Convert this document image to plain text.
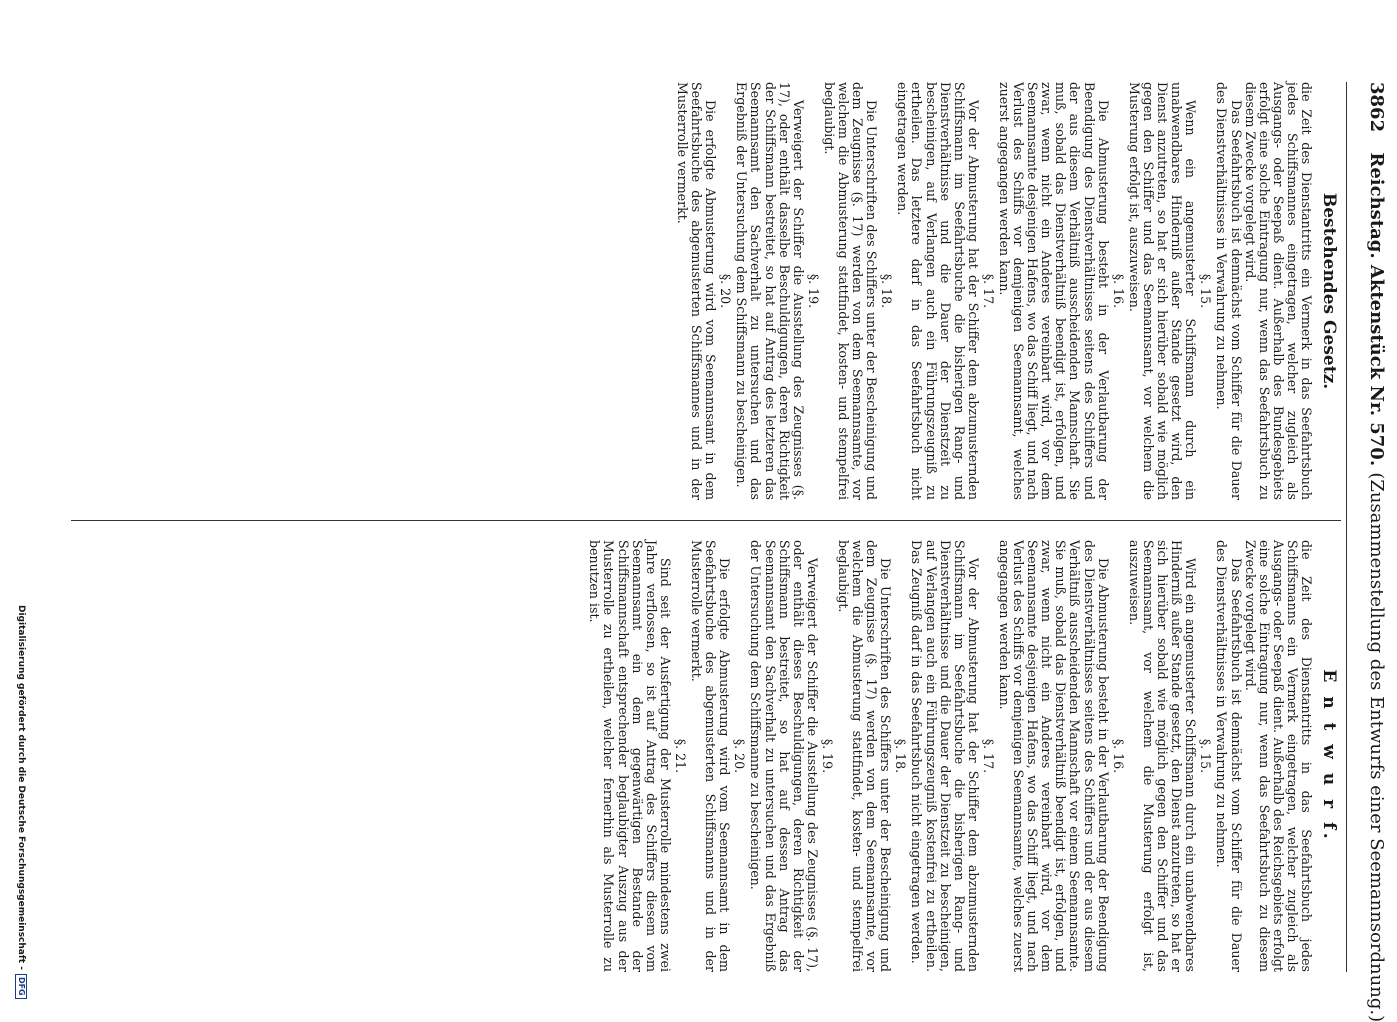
3862 Reichstag. Aktenstück Nr. 570. (Zusammenstellung des Entwurfs einer Seemannsordnung.)
Bestehendes Gesetz.

die Zeit des Dienstantritts ein Vermerk in das Seefahrtsbuch jedes Schiffsmannes eingetragen, welcher zugleich als Ausgangs- oder Seepaß dient. Außerhalb des Bundesgebiets erfolgt eine solche Eintragung nur, wenn das Seefahrtsbuch zu diesem Zwecke vorgelegt wird.

Das Seefahrtsbuch ist demnächst vom Schiffer für die Dauer des Dienstverhältnisses in Verwahrung zu nehmen.

§. 15.

Wenn ein angemusterter Schiffsmann durch ein unabwendbares Hinderniß außer Stande gesetzt wird, den Dienst anzutreten, so hat er sich hierüber sobald wie möglich gegen den Schiffer und das Seemannsamt, vor welchem die Musterung erfolgt ist, auszuweisen.

§. 16.

Die Abmusterung besteht in der Verlautbarung der Beendigung des Dienstverhältnisses seitens des Schiffers und der aus diesem Verhältniß ausscheidenden Mannschaft. Sie muß, sobald das Dienstverhältniß beendigt ist, erfolgen, und zwar, wenn nicht ein Anderes vereinbart wird, vor dem Seemannsamte desjenigen Hafens, wo das Schiff liegt, und nach Verlust des Schiffs vor demjenigen Seemannsamt, welches zuerst angegangen werden kann.

§. 17.

Vor der Abmusterung hat der Schiffer dem abzumusternden Schiffsmann im Seefahrtsbuche die bisherigen Rang- und Dienstverhältnisse und die Dauer der Dienstzeit zu bescheinigen, auf Verlangen auch ein Führungszeugniß zu ertheilen. Das letztere darf in das Seefahrtsbuch nicht eingetragen werden.

§. 18.

Die Unterschriften des Schiffers unter der Bescheinigung und dem Zeugnisse (§. 17) werden von dem Seemannsamte, vor welchem die Abmusterung stattfindet, kosten- und stempelfrei beglaubigt.

§. 19.

Verweigert der Schiffer die Ausstellung des Zeugnisses (§. 17), oder enthält dasselbe Beschuldigungen, deren Richtigkeit der Schiffsmann bestreitet, so hat auf Antrag des letzteren das Seemannsamt den Sachverhalt zu untersuchen und das Ergebniß der Untersuchung dem Schiffsmann zu bescheinigen.

§. 20.

Die erfolgte Abmusterung wird vom Seemannsamt in dem Seefahrtsbuche des abgemusterten Schiffsmannes und in der Musterrolle vermerkt.

E n t w u r f.

die Zeit des Dienstantritts in das Seefahrtsbuch jedes Schiffsmanns ein Vermerk eingetragen, welcher zugleich als Ausgangs- oder Seepaß dient. Außerhalb des Reichsgebiets erfolgt eine solche Eintragung nur, wenn das Seefahrtsbuch zu diesem Zwecke vorgelegt wird.

Das Seefahrtsbuch ist demnächst vom Schiffer für die Dauer des Dienstverhältnisses in Verwahrung zu nehmen.

§. 15.

Wird ein angemusterter Schiffsmann durch ein unabwendbares Hinderniß außer Stande gesetzt, den Dienst anzutreten, so hat er sich hierüber sobald wie möglich gegen den Schiffer und das Seemannsamt, vor welchem die Musterung erfolgt ist, auszuweisen.

§. 16.

Die Abmusterung besteht in der Verlautbarung der Beendigung des Dienstverhältnisses seitens des Schiffers und der aus diesem Verhältniß ausscheidenden Mannschaft vor einem Seemannsamte. Sie muß, sobald das Dienstverhältniß beendigt ist, erfolgen, und zwar, wenn nicht ein Anderes vereinbart wird, vor dem Seemannsamte desjenigen Hafens, wo das Schiff liegt, und nach Verlust des Schiffs vor demjenigen Seemannsamte, welches zuerst angegangen werden kann.

§. 17.

Vor der Abmusterung hat der Schiffer dem abzumusternden Schiffsmann im Seefahrtsbuche die bisherigen Rang- und Dienstverhältnisse und die Dauer der Dienstzeit zu bescheinigen, auf Verlangen auch ein Führungszeugniß kostenfrei zu ertheilen. Das Zeugniß darf in das Seefahrtsbuch nicht eingetragen werden.

§. 18.

Die Unterschriften des Schiffers unter der Bescheinigung und dem Zeugnisse (§. 17) werden von dem Seemannsamte, vor welchem die Abmusterung stattfindet, kosten- und stempelfrei beglaubigt.

§. 19.

Verweigert der Schiffer die Ausstellung des Zeugnisses (§. 17), oder enthält dieses Beschuldigungen, deren Richtigkeit der Schiffsmann bestreitet, so hat auf dessen Antrag das Seemannsamt den Sachverhalt zu untersuchen und das Ergebniß der Untersuchung dem Schiffsmanne zu bescheinigen.

§. 20.

Die erfolgte Abmusterung wird vom Seemannsamt in dem Seefahrtsbuche des abgemusterten Schiffsmanns und in der Musterrolle vermerkt.

§. 21.

Sind seit der Ausfertigung der Musterrolle mindestens zwei Jahre verflossen, so ist auf Antrag des Schiffers diesem vom Seemannsamt ein dem gegenwärtigen Bestande der Schiffsmannschaft entsprechender beglaubigter Auszug aus der Musterrolle zu ertheilen, welcher fernerhin als Musterrolle zu benutzen ist.

Digitalisierung gefördert durch die Deutsche Forschungsgemeinschaft -
DFG
